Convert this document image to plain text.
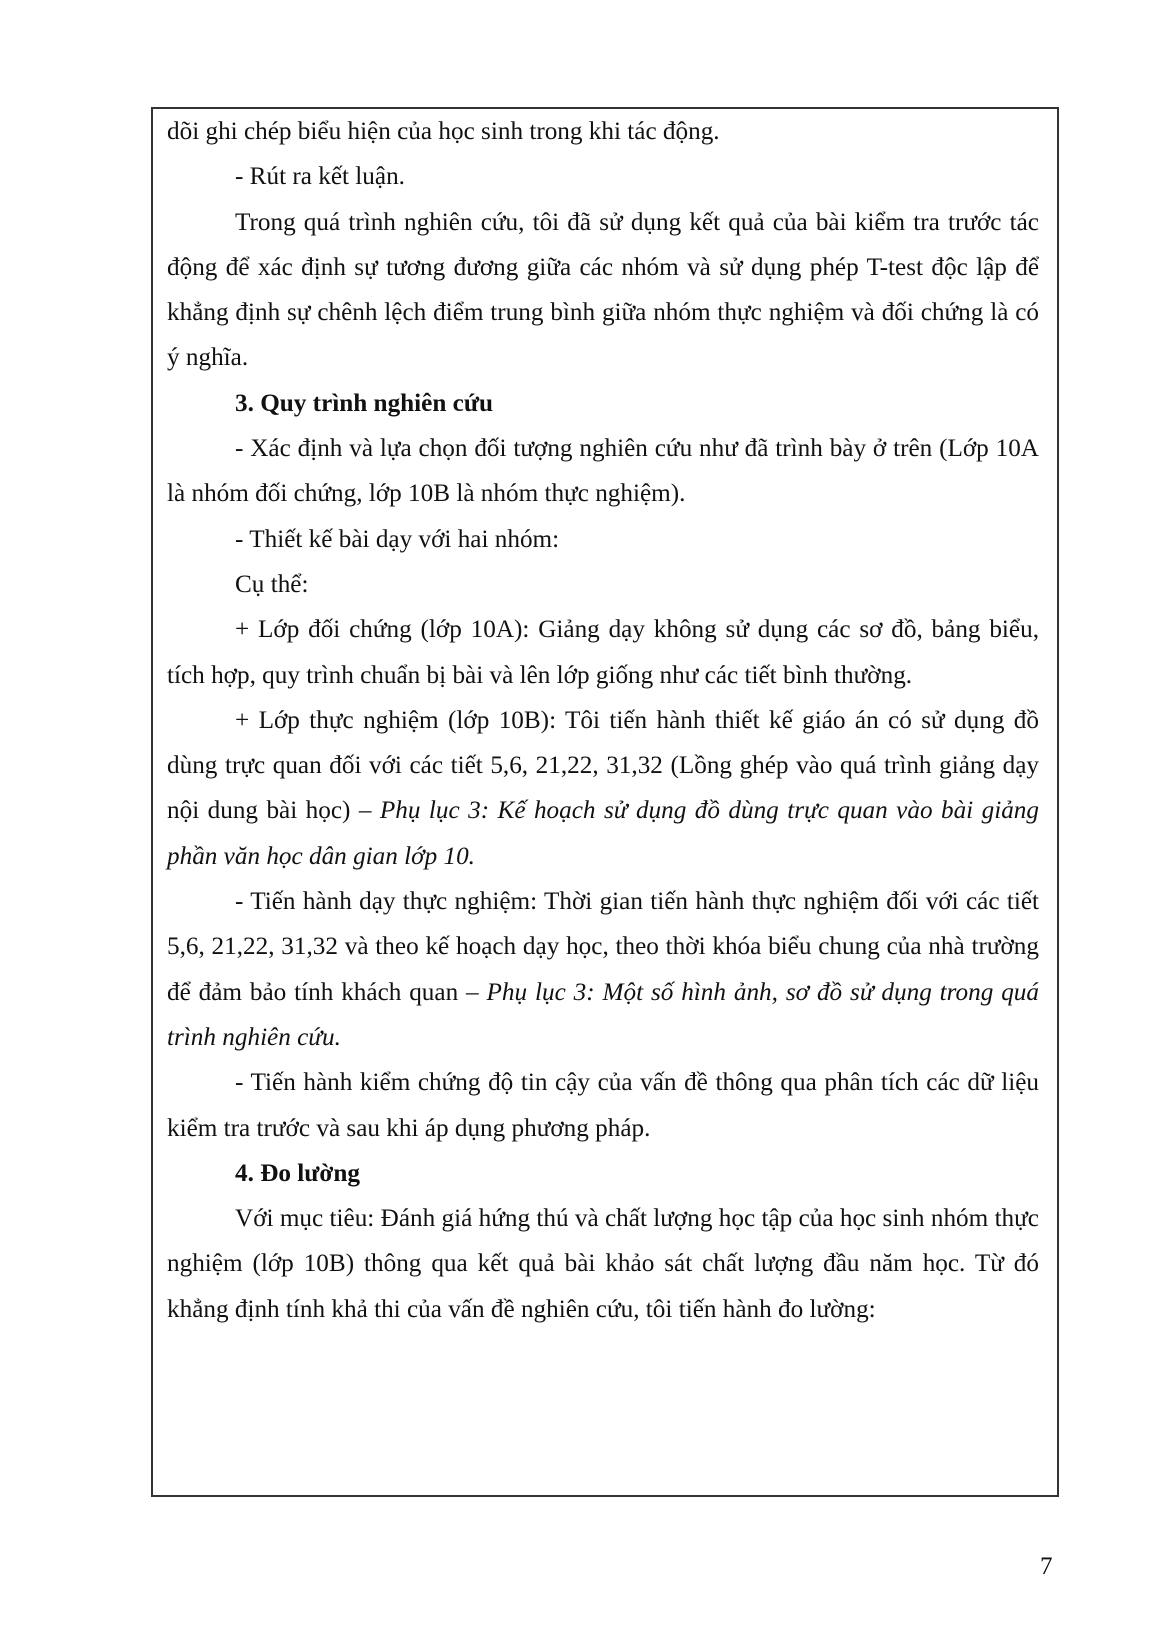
dõi ghi chép biểu hiện của học sinh trong khi tác động.

- Rút ra kết luận.

Trong quá trình nghiên cứu, tôi đã sử dụng kết quả của bài kiểm tra trước tác động để xác định sự tương đương giữa các nhóm và sử dụng phép T-test độc lập để khẳng định sự chênh lệch điểm trung bình giữa nhóm thực nghiệm và đối chứng là có ý nghĩa.

3. Quy trình nghiên cứu

- Xác định và lựa chọn đối tượng nghiên cứu như đã trình bày ở trên (Lớp 10A là nhóm đối chứng, lớp 10B là nhóm thực nghiệm).

- Thiết kế bài dạy với hai nhóm:

Cụ thể:

+ Lớp đối chứng (lớp 10A): Giảng dạy không sử dụng các sơ đồ, bảng biểu, tích hợp, quy trình chuẩn bị bài và lên lớp giống như các tiết bình thường.

+ Lớp thực nghiệm (lớp 10B): Tôi tiến hành thiết kế giáo án có sử dụng đồ dùng trực quan đối với các tiết 5,6, 21,22, 31,32 (Lồng ghép vào quá trình giảng dạy nội dung bài học) – Phụ lục 3: Kế hoạch sử dụng đồ dùng trực quan vào bài giảng phần văn học dân gian lớp 10.

- Tiến hành dạy thực nghiệm: Thời gian tiến hành thực nghiệm đối với các tiết 5,6, 21,22, 31,32 và theo kế hoạch dạy học, theo thời khóa biểu chung của nhà trường để đảm bảo tính khách quan – Phụ lục 3: Một số hình ảnh, sơ đồ sử dụng trong quá trình nghiên cứu.

- Tiến hành kiểm chứng độ tin cậy của vấn đề thông qua phân tích các dữ liệu kiểm tra trước và sau khi áp dụng phương pháp.

4. Đo lường

Với mục tiêu: Đánh giá hứng thú và chất lượng học tập của học sinh nhóm thực nghiệm (lớp 10B) thông qua kết quả bài khảo sát chất lượng đầu năm học. Từ đó khẳng định tính khả thi của vấn đề nghiên cứu, tôi tiến hành đo lường:

7
